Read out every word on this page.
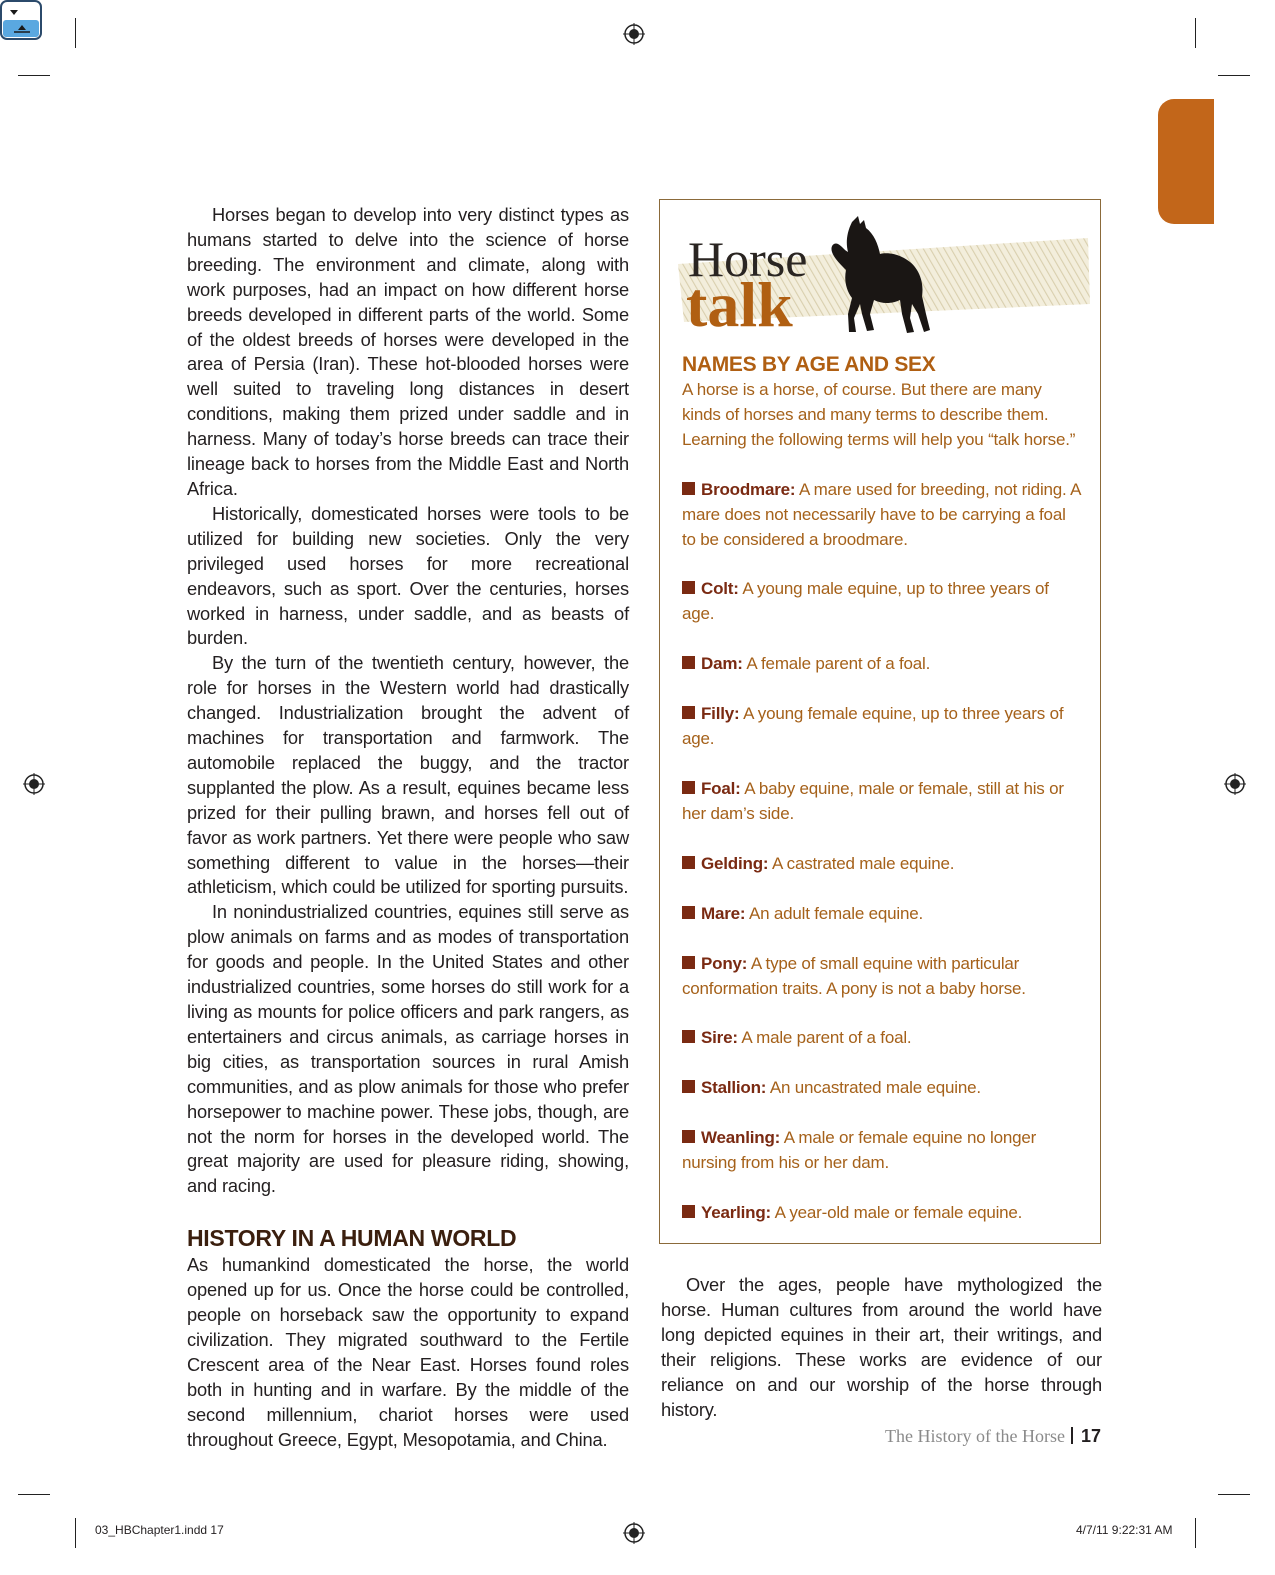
Horses began to develop into very distinct types as humans started to delve into the science of horse breeding. The environment and climate, along with work purposes, had an impact on how different horse breeds developed in different parts of the world. Some of the oldest breeds of horses were developed in the area of Persia (Iran). These hot-blooded horses were well suited to traveling long distances in desert conditions, making them prized under saddle and in harness. Many of today’s horse breeds can trace their lineage back to horses from the Middle East and North Africa.

Historically, domesticated horses were tools to be utilized for building new societies. Only the very privileged used horses for more recreational endeavors, such as sport. Over the centuries, horses worked in harness, under saddle, and as beasts of burden.

By the turn of the twentieth century, however, the role for horses in the Western world had drastically changed. Industrialization brought the advent of machines for transportation and farmwork. The automobile replaced the buggy, and the tractor supplanted the plow. As a result, equines became less prized for their pulling brawn, and horses fell out of favor as work partners. Yet there were people who saw something different to value in the horses—their athleticism, which could be utilized for sporting pursuits.

In nonindustrialized countries, equines still serve as plow animals on farms and as modes of transportation for goods and people. In the United States and other industrialized countries, some horses do still work for a living as mounts for police officers and park rangers, as entertainers and circus animals, as carriage horses in big cities, as transportation sources in rural Amish communities, and as plow animals for those who prefer horsepower to machine power. These jobs, though, are not the norm for horses in the developed world. The great majority are used for pleasure riding, showing, and racing.

HISTORY IN A HUMAN WORLD

As humankind domesticated the horse, the world opened up for us. Once the horse could be controlled, people on horseback saw the opportunity to expand civilization. They migrated southward to the Fertile Crescent area of the Near East. Horses found roles both in hunting and in warfare. By the middle of the second millennium, chariot horses were used throughout Greece, Egypt, Mesopotamia, and China.

Horse
talk
NAMES BY AGE AND SEX
A horse is a horse, of course. But there are many kinds of horses and many terms to describe them. Learning the following terms will help you “talk horse.”
Broodmare: A mare used for breeding, not riding. A mare does not necessarily have to be carrying a foal to be considered a broodmare.
Colt: A young male equine, up to three years of age.
Dam: A female parent of a foal.
Filly: A young female equine, up to three years of age.
Foal: A baby equine, male or female, still at his or her dam’s side.
Gelding: A castrated male equine.
Mare: An adult female equine.
Pony: A type of small equine with particular conformation traits. A pony is not a baby horse.
Sire: A male parent of a foal.
Stallion: An uncastrated male equine.
Weanling: A male or female equine no longer nursing from his or her dam.
Yearling: A year-old male or female equine.

Over the ages, people have mythologized the horse. Human cultures from around the world have long depicted equines in their art, their writings, and their religions. These works are evidence of our reliance on and our worship of the horse through history.

The History of the Horse 17
03_HBChapter1.indd 17	4/7/11 9:22:31 AM
